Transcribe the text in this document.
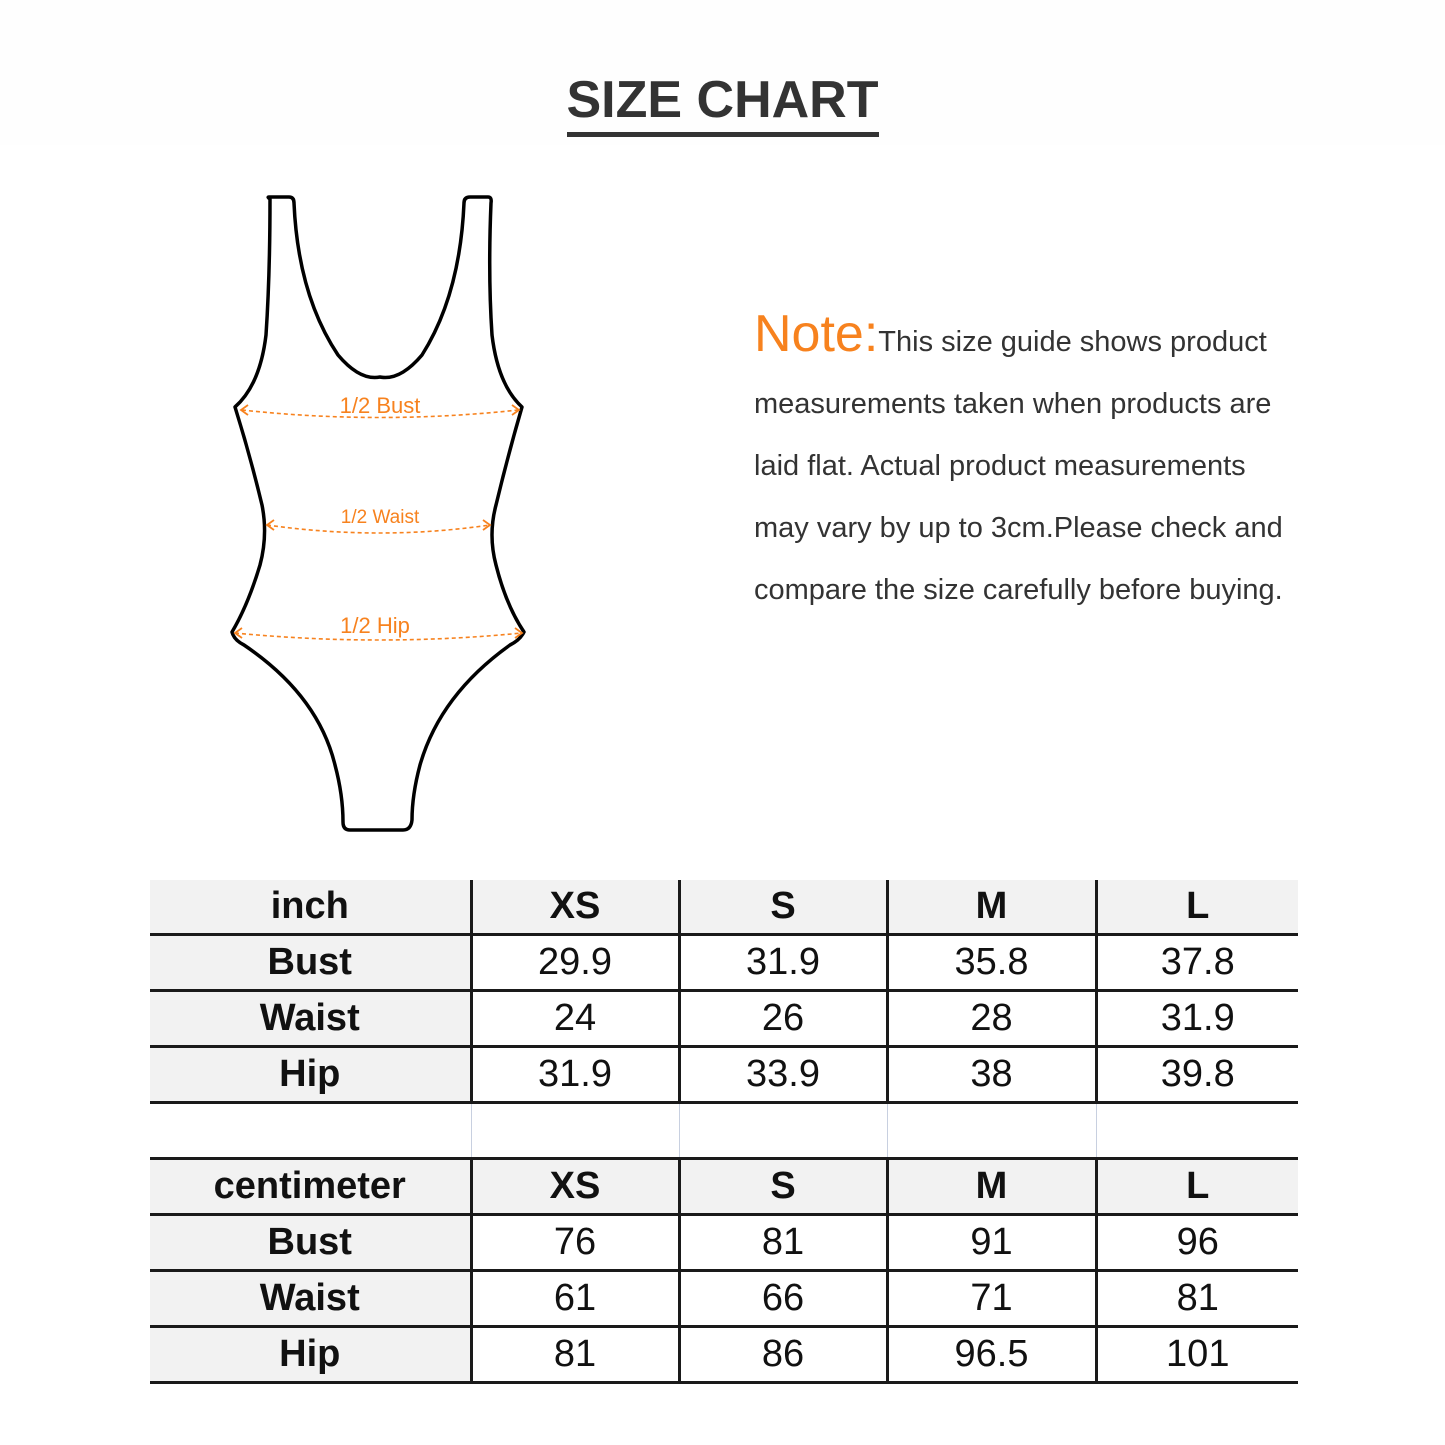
SIZE CHART
1/2 Bust
1/2 Waist
1/2 Hip

Note:This size guide shows product

measurements taken when products are

laid flat. Actual product measurements

may vary by up to 3cm.Please check and

compare the size carefully before buying.

inch	XS	S	M	L
Bust	29.9	31.9	35.8	37.8
Waist	24	26	28	31.9
Hip	31.9	33.9	38	39.8

centimeter	XS	S	M	L
Bust	76	81	91	96
Waist	61	66	71	81
Hip	81	86	96.5	101
